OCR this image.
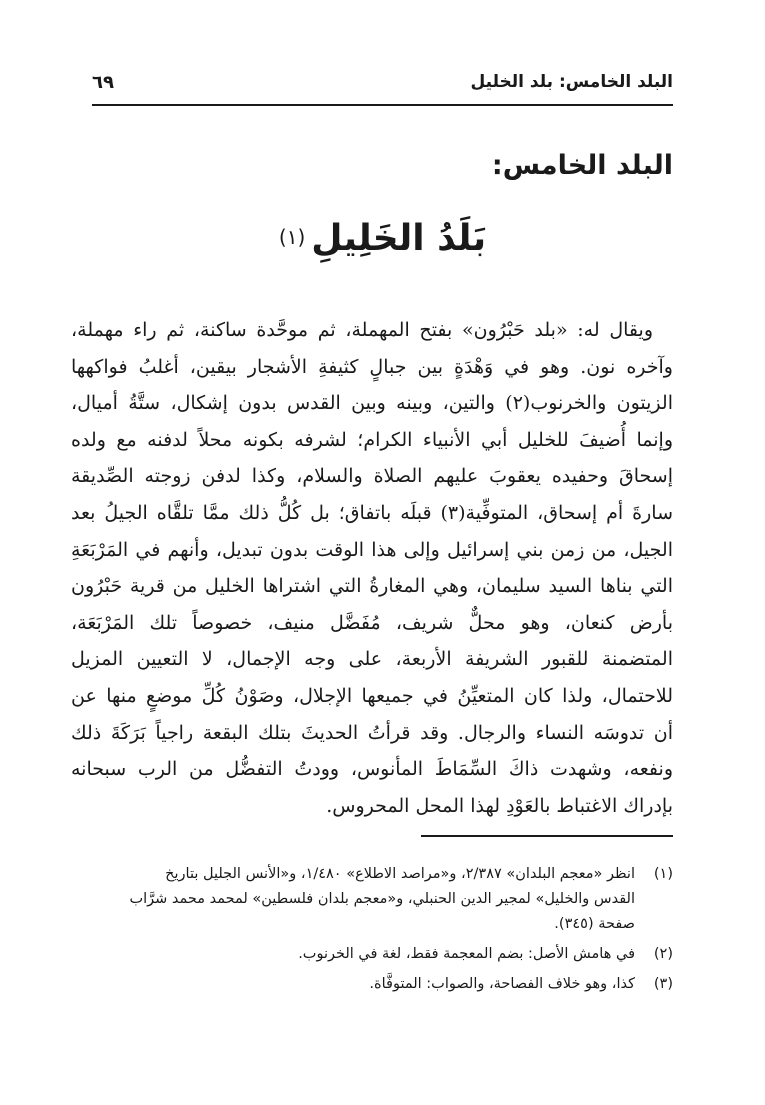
البلد الخامس: بلد الخليل
٦٩
البلد الخامس:
بَلَدُ الخَلِيلِ(١)
ويقال له: «بلد حَبْرُون» بفتح المهملة، ثم موحَّدة ساكنة، ثم راء مهملة،
وآخره نون. وهو في وَهْدَةٍ بين جبالٍ كثيفةِ الأشجار بيقين، أغلبُ فواكهها
الزيتون والخرنوب(٢) والتين، وبينه وبين القدس بدون إشكال، ستَّةُ أميال،
وإنما أُضيفَ للخليل أبي الأنبياء الكرام؛ لشرفه بكونه محلاً لدفنه مع ولده
إسحاقَ وحفيده يعقوبَ عليهم الصلاة والسلام، وكذا لدفن زوجته الصِّديقة
سارةَ أم إسحاق، المتوفِّية(٣) قبلَه باتفاق؛ بل كُلُّ ذلك ممَّا تلقَّاه الجيلُ بعد
الجيل، من زمن بني إسرائيل وإلى هذا الوقت بدون تبديل، وأنهم في المَرْبَعَةِ
التي بناها السيد سليمان، وهي المغارةُ التي اشتراها الخليل من قرية حَبْرُون
بأرض كنعان، وهو محلٌّ شريف، مُفَضَّل منيف، خصوصاً تلك المَرْبَعَة،
المتضمنة للقبور الشريفة الأربعة، على وجه الإجمال، لا التعيين المزيل
للاحتمال، ولذا كان المتعيِّنُ في جميعها الإجلال، وصَوْنُ كُلِّ موضعٍ منها عن
أن تدوسَه النساء والرجال. وقد قرأتُ الحديثَ بتلك البقعة راجياً بَرَكَةَ ذلك
ونفعه، وشهدت ذاكَ السِّمَاطَ المأنوس، وودتُ التفضُّل من الرب سبحانه
بإدراك الاغتباط بالعَوْدِ لهذا المحل المحروس.
(١)
انظر «معجم البلدان» ٢/٣٨٧، و«مراصد الاطلاع» ١/٤٨٠، و«الأنس الجليل بتاريخ
القدس والخليل» لمجير الدين الحنبلي، و«معجم بلدان فلسطين» لمحمد محمد شرَّاب
صفحة (٣٤٥).
(٢)
في هامش الأصل: بضم المعجمة فقط، لغة في الخرنوب.
(٣)
كذا، وهو خلاف الفصاحة، والصواب: المتوفَّاة.
